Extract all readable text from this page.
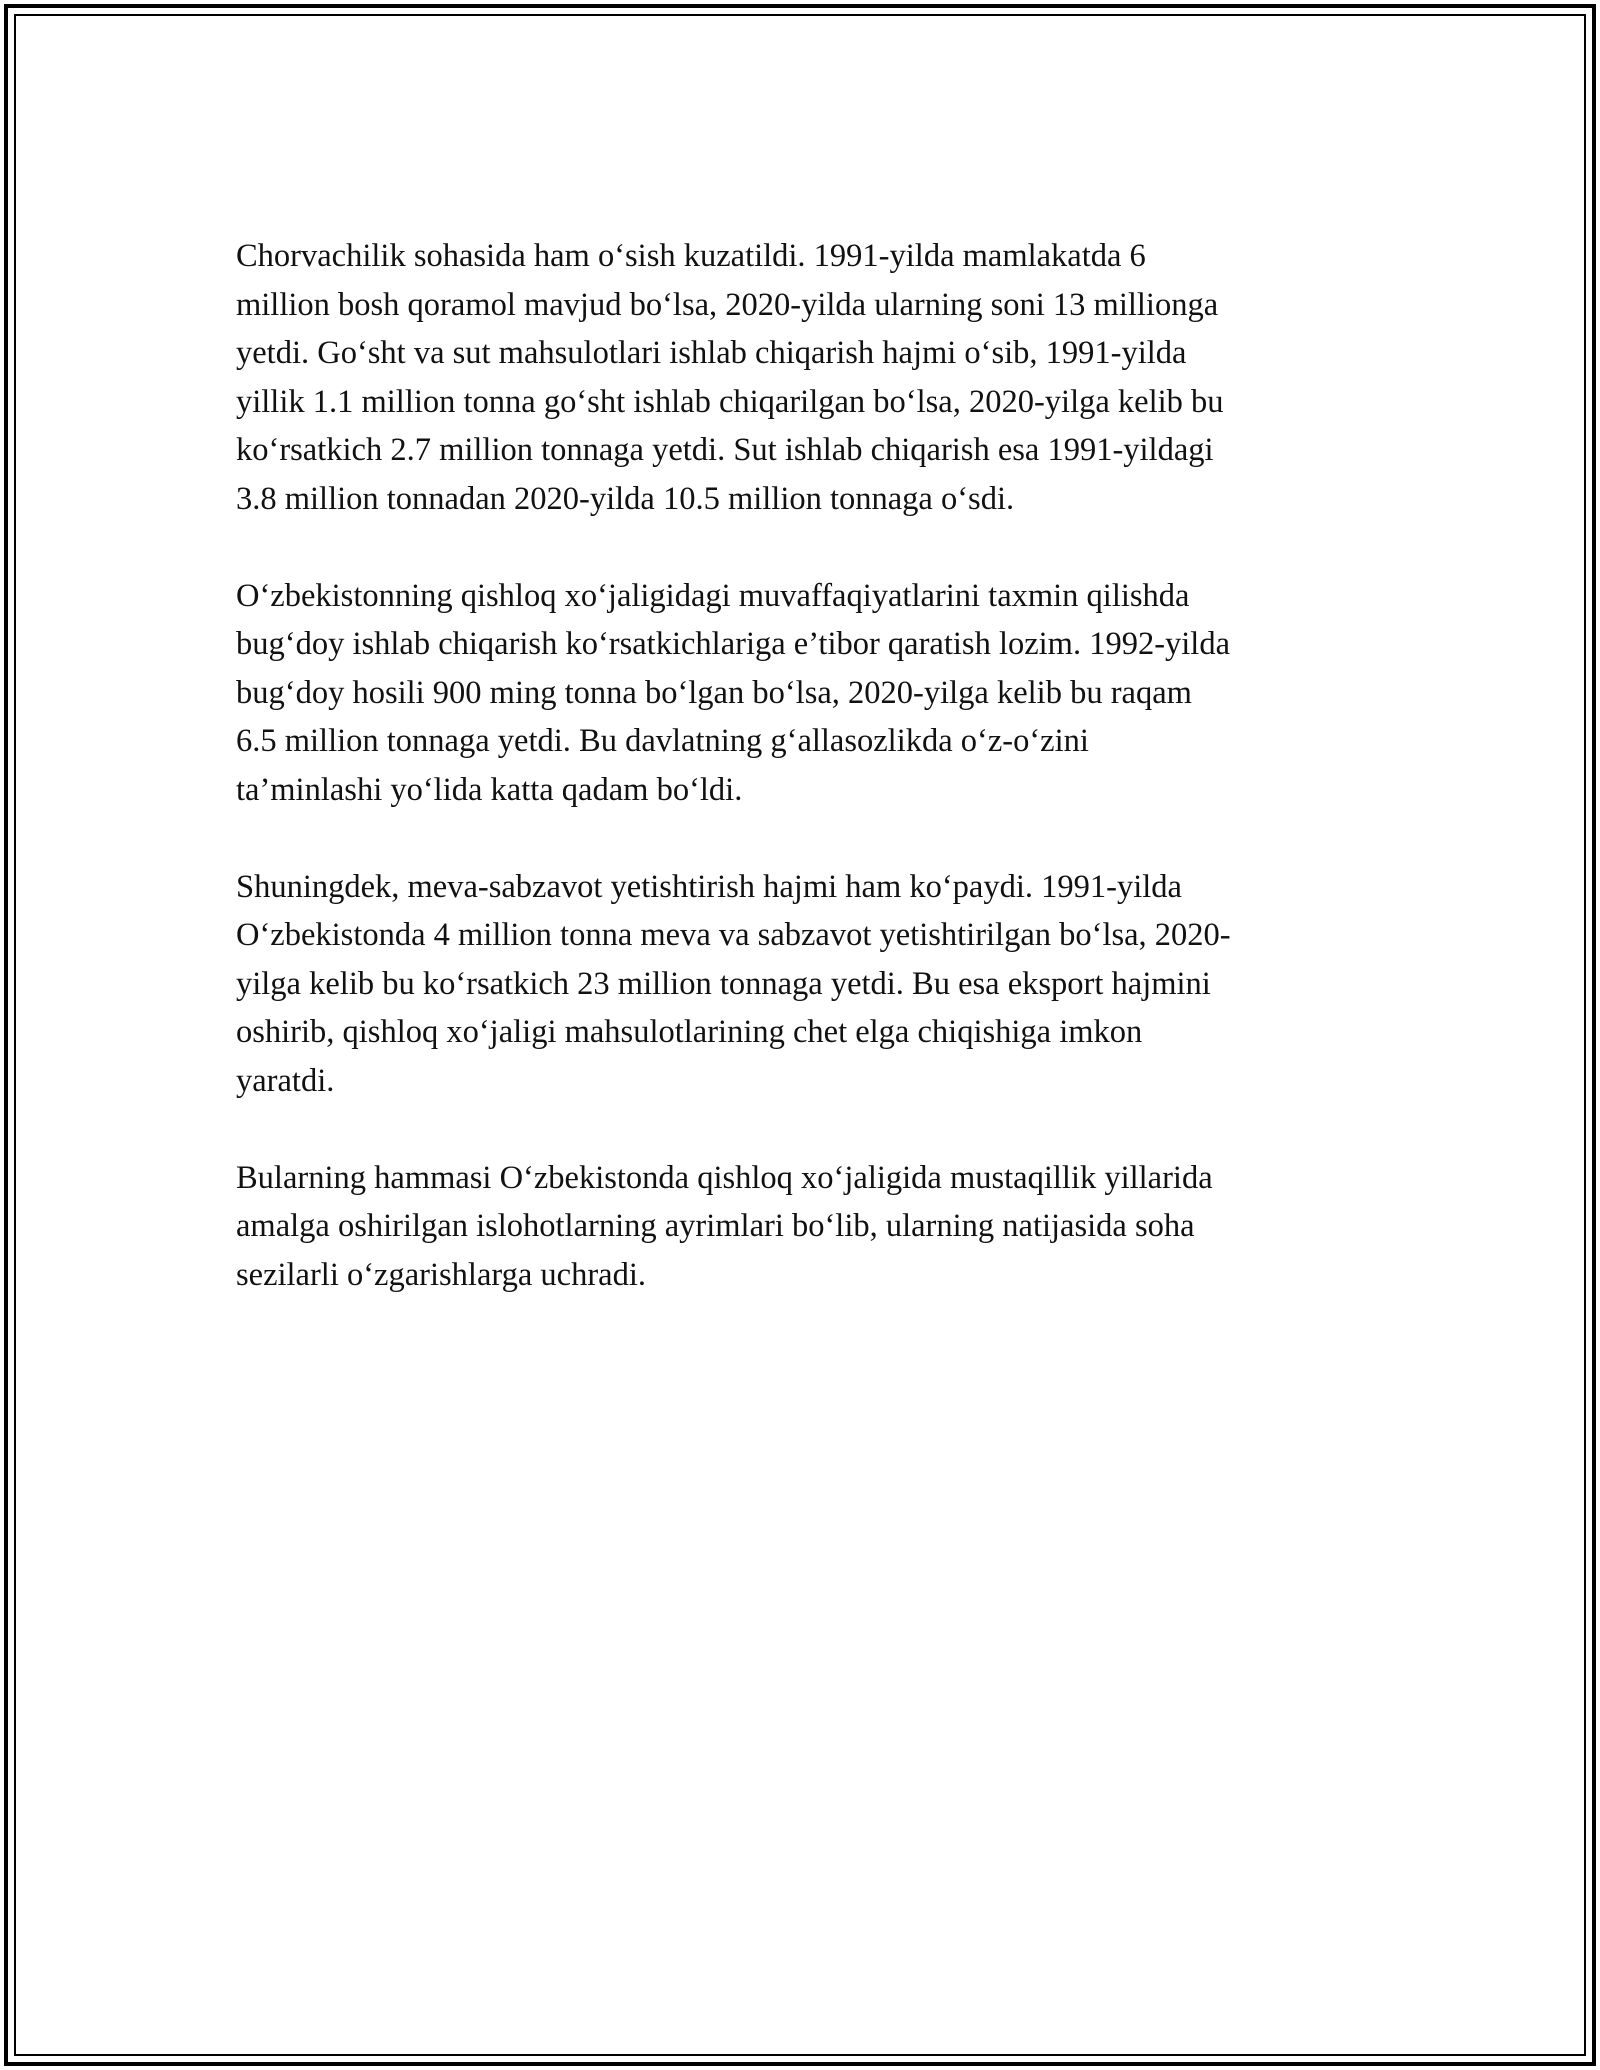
Chorvachilik sohasida ham o‘sish kuzatildi. 1991-yilda mamlakatda 6
million bosh qoramol mavjud bo‘lsa, 2020-yilda ularning soni 13 millionga
yetdi. Go‘sht va sut mahsulotlari ishlab chiqarish hajmi o‘sib, 1991-yilda
yillik 1.1 million tonna go‘sht ishlab chiqarilgan bo‘lsa, 2020-yilga kelib bu
ko‘rsatkich 2.7 million tonnaga yetdi. Sut ishlab chiqarish esa 1991-yildagi
3.8 million tonnadan 2020-yilda 10.5 million tonnaga o‘sdi.

O‘zbekistonning qishloq xo‘jaligidagi muvaffaqiyatlarini taxmin qilishda
bug‘doy ishlab chiqarish ko‘rsatkichlariga e’tibor qaratish lozim. 1992-yilda
bug‘doy hosili 900 ming tonna bo‘lgan bo‘lsa, 2020-yilga kelib bu raqam
6.5 million tonnaga yetdi. Bu davlatning g‘allasozlikda o‘z-o‘zini
ta’minlashi yo‘lida katta qadam bo‘ldi.

Shuningdek, meva-sabzavot yetishtirish hajmi ham ko‘paydi. 1991-yilda
O‘zbekistonda 4 million tonna meva va sabzavot yetishtirilgan bo‘lsa, 2020-
yilga kelib bu ko‘rsatkich 23 million tonnaga yetdi. Bu esa eksport hajmini
oshirib, qishloq xo‘jaligi mahsulotlarining chet elga chiqishiga imkon
yaratdi.

Bularning hammasi O‘zbekistonda qishloq xo‘jaligida mustaqillik yillarida
amalga oshirilgan islohotlarning ayrimlari bo‘lib, ularning natijasida soha
sezilarli o‘zgarishlarga uchradi.
